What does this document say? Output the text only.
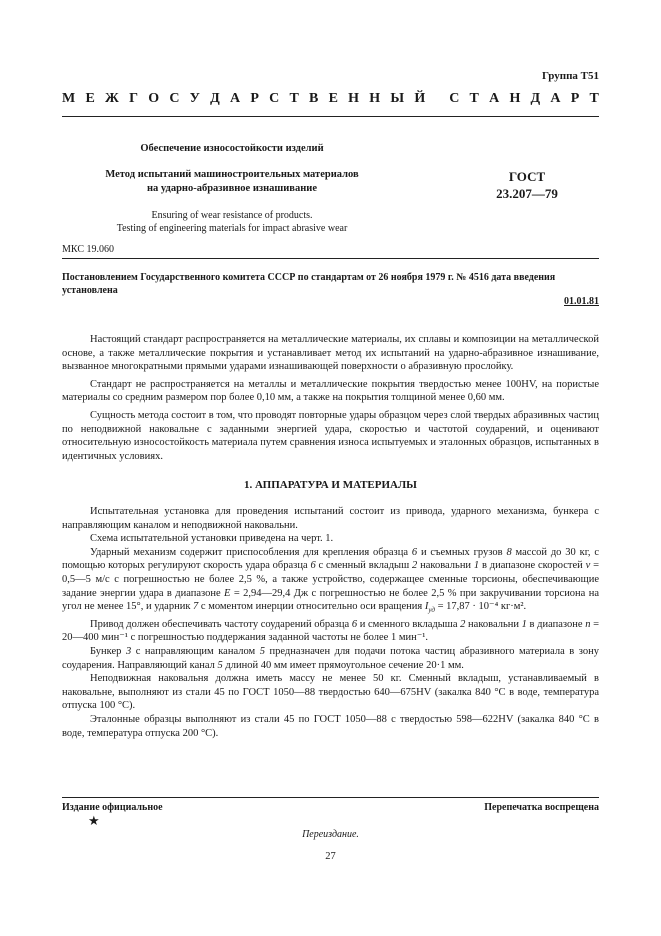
Группа Т51
М Е Ж Г О С У Д А Р С Т В Е Н Н Ы Й
С Т А Н Д А Р Т
Обеспечение износостойкости изделий
Метод испытаний машиностроительных материалов
на ударно-абразивное изнашивание
Ensuring of wear resistance of products.
Testing of engineering materials for impact abrasive wear
ГОСТ
23.207—79
МКС 19.060
Постановлением Государственного комитета СССР по стандартам от 26 ноября 1979 г. № 4516 дата введения установлена
01.01.81

Настоящий стандарт распространяется на металлические материалы, их сплавы и композиции на металлической основе, а также металлические покрытия и устанавливает метод их испытаний на ударно-абразивное изнашивание, вызванное многократными прямыми ударами изнашивающей поверхности о абразивную прослойку.

Стандарт не распространяется на металлы и металлические покрытия твердостью менее 100HV, на пористые материалы со средним размером пор более 0,10 мм, а также на покрытия толщиной менее 0,60 мм.

Сущность метода состоит в том, что проводят повторные удары образцом через слой твердых абразивных частиц по неподвижной наковальне с заданными энергией удара, скоростью и частотой соударений, и оценивают относительную износостойкость материала путем сравнения износа испытуемых и эталонных образцов, испытанных в идентичных условиях.

1. АППАРАТУРА И МАТЕРИАЛЫ

Испытательная установка для проведения испытаний состоит из привода, ударного механизма, бункера с направляющим каналом и неподвижной наковальни.

Схема испытательной установки приведена на черт. 1.

Ударный механизм содержит приспособления для крепления образца 6 и съемных грузов 8 массой до 30 кг, с помощью которых регулируют скорость удара образца 6 с сменный вкладыш 2 наковальни 1 в диапазоне скоростей v = 0,5—5 м/с с погрешностью не более 2,5 %, а также устройство, содержащее сменные торсионы, обеспечивающие задание энергии удара в диапазоне E = 2,94—29,4 Дж с погрешностью не более 2,5 % при закручивании торсиона на угол не менее 15°, и ударник 7 с моментом инерции относительно оси вращения $I_{уд} = 17,87 \cdot 10^{-4}$ кг·м².

Привод должен обеспечивать частоту соударений образца 6 и сменного вкладыша 2 наковальни 1 в диапазоне n = 20—400 мин⁻¹ с погрешностью поддержания заданной частоты не более 1 мин⁻¹.

Бункер 3 с направляющим каналом 5 предназначен для подачи потока частиц абразивного материала в зону соударения. Направляющий канал 5 длиной 40 мм имеет прямоугольное сечение 20·1 мм.

Неподвижная наковальня должна иметь массу не менее 50 кг. Сменный вкладыш, устанавливаемый в наковальне, выполняют из стали 45 по ГОСТ 1050—88 твердостью 640—675HV (закалка 840 °С в воде, температура отпуска 100 °С).

Эталонные образцы выполняют из стали 45 по ГОСТ 1050—88 с твердостью 598—622HV (закалка 840 °С в воде, температура отпуска 200 °С).

Издание официальное	Перепечатка воспрещена
★
Переиздание.
27
